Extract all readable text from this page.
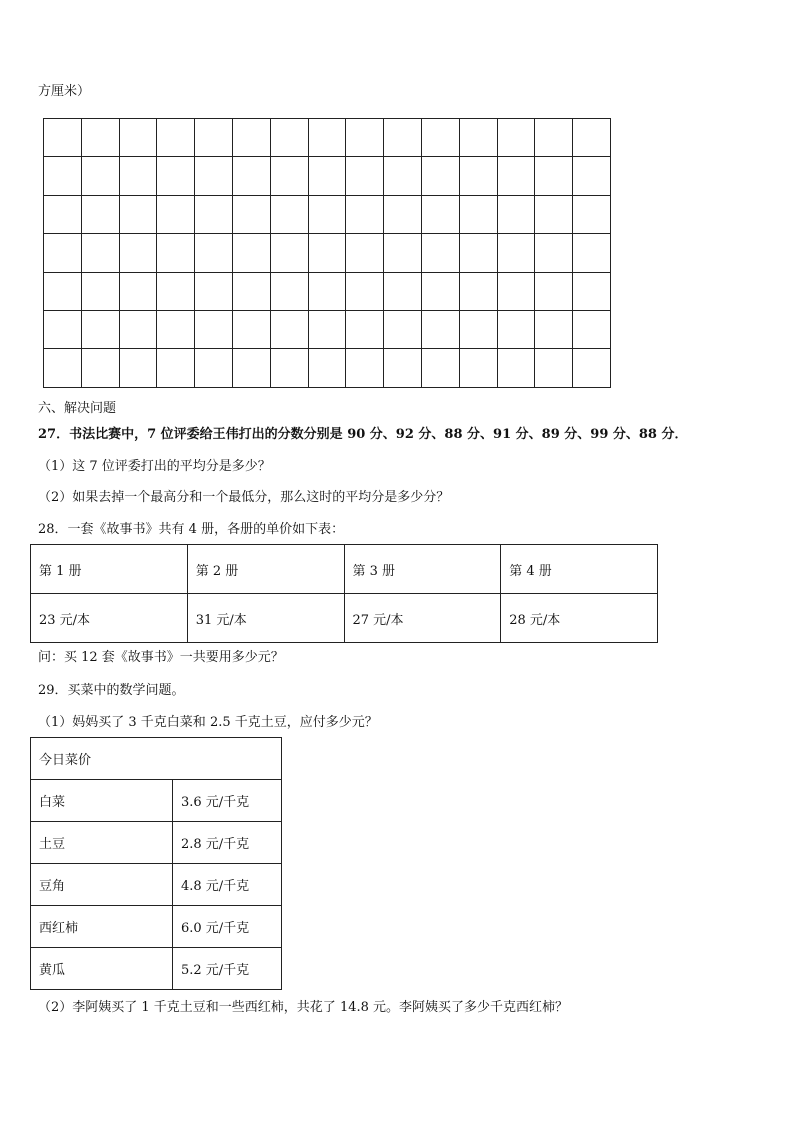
方厘米）
六、解决问题
27．书法比赛中，7 位评委给王伟打出的分数分别是 90 分、92 分、88 分、91 分、89 分、99 分、88 分．
（1）这 7 位评委打出的平均分是多少？
（2）如果去掉一个最高分和一个最低分，那么这时的平均分是多少分？
28．一套《故事书》共有 4 册，各册的单价如下表：
第 1 册	第 2 册	第 3 册	第 4 册
23 元/本	31 元/本	27 元/本	28 元/本
问：买 12 套《故事书》一共要用多少元？
29．买菜中的数学问题。
（1）妈妈买了 3 千克白菜和 2.5 千克土豆，应付多少元？
今日菜价	
白菜	3.6 元/千克
土豆	2.8 元/千克
豆角	4.8 元/千克
西红柿	6.0 元/千克
黄瓜	5.2 元/千克
（2）李阿姨买了 1 千克土豆和一些西红柿，共花了 14.8 元。李阿姨买了多少千克西红柿？
